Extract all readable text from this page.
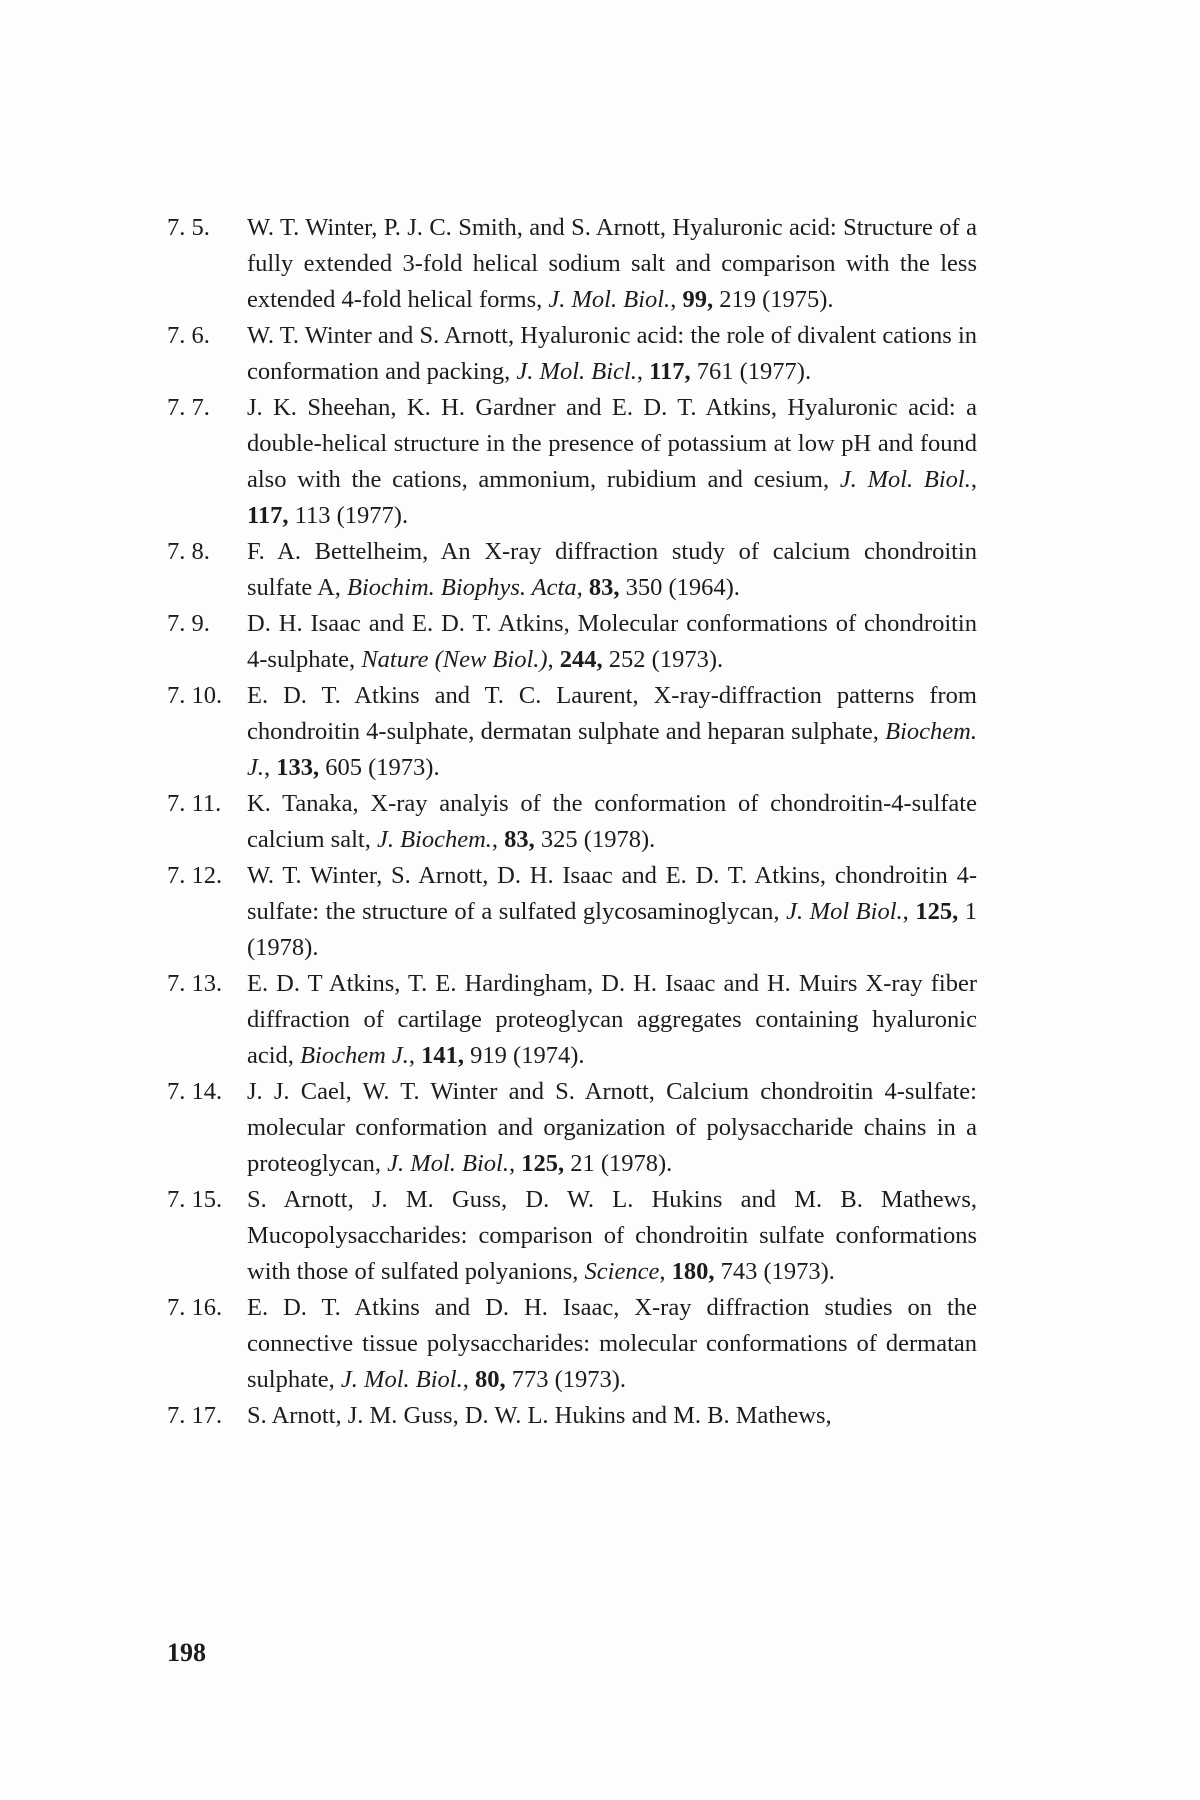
7. 5.	W. T. Winter, P. J. C. Smith, and S. Arnott, Hyaluronic acid: Structure of a fully extended 3-fold helical sodium salt and comparison with the less extended 4-fold helical forms, J. Mol. Biol., 99, 219 (1975).
7. 6.	W. T. Winter and S. Arnott, Hyaluronic acid: the role of divalent cations in conformation and packing, J. Mol. Bicl., 117, 761 (1977).
7. 7.	J. K. Sheehan, K. H. Gardner and E. D. T. Atkins, Hyaluronic acid: a double-helical structure in the presence of potassium at low pH and found also with the cations, ammonium, rubidium and cesium, J. Mol. Biol., 117, 113 (1977).
7. 8.	F. A. Bettelheim, An X-ray diffraction study of calcium chondroitin sulfate A, Biochim. Biophys. Acta, 83, 350 (1964).
7. 9.	D. H. Isaac and E. D. T. Atkins, Molecular conformations of chondroitin 4-sulphate, Nature (New Biol.), 244, 252 (1973).
7. 10.	E. D. T. Atkins and T. C. Laurent, X-ray-diffraction patterns from chondroitin 4-sulphate, dermatan sulphate and heparan sulphate, Biochem. J., 133, 605 (1973).
7. 11.	K. Tanaka, X-ray analyis of the conformation of chondroitin-4-sulfate calcium salt, J. Biochem., 83, 325 (1978).
7. 12.	W. T. Winter, S. Arnott, D. H. Isaac and E. D. T. Atkins, chondroitin 4-sulfate: the structure of a sulfated glycosaminoglycan, J. Mol Biol., 125, 1 (1978).
7. 13.	E. D. T Atkins, T. E. Hardingham, D. H. Isaac and H. Muirs X-ray fiber diffraction of cartilage proteoglycan aggregates containing hyaluronic acid, Biochem J., 141, 919 (1974).
7. 14.	J. J. Cael, W. T. Winter and S. Arnott, Calcium chondroitin 4-sulfate: molecular conformation and organization of polysaccharide chains in a proteoglycan, J. Mol. Biol., 125, 21 (1978).
7. 15.	S. Arnott, J. M. Guss, D. W. L. Hukins and M. B. Mathews, Mucopolysaccharides: comparison of chondroitin sulfate conformations with those of sulfated polyanions, Science, 180, 743 (1973).
7. 16.	E. D. T. Atkins and D. H. Isaac, X-ray diffraction studies on the connective tissue polysaccharides: molecular conformations of dermatan sulphate, J. Mol. Biol., 80, 773 (1973).
7. 17.	S. Arnott, J. M. Guss, D. W. L. Hukins and M. B. Mathews,
198
